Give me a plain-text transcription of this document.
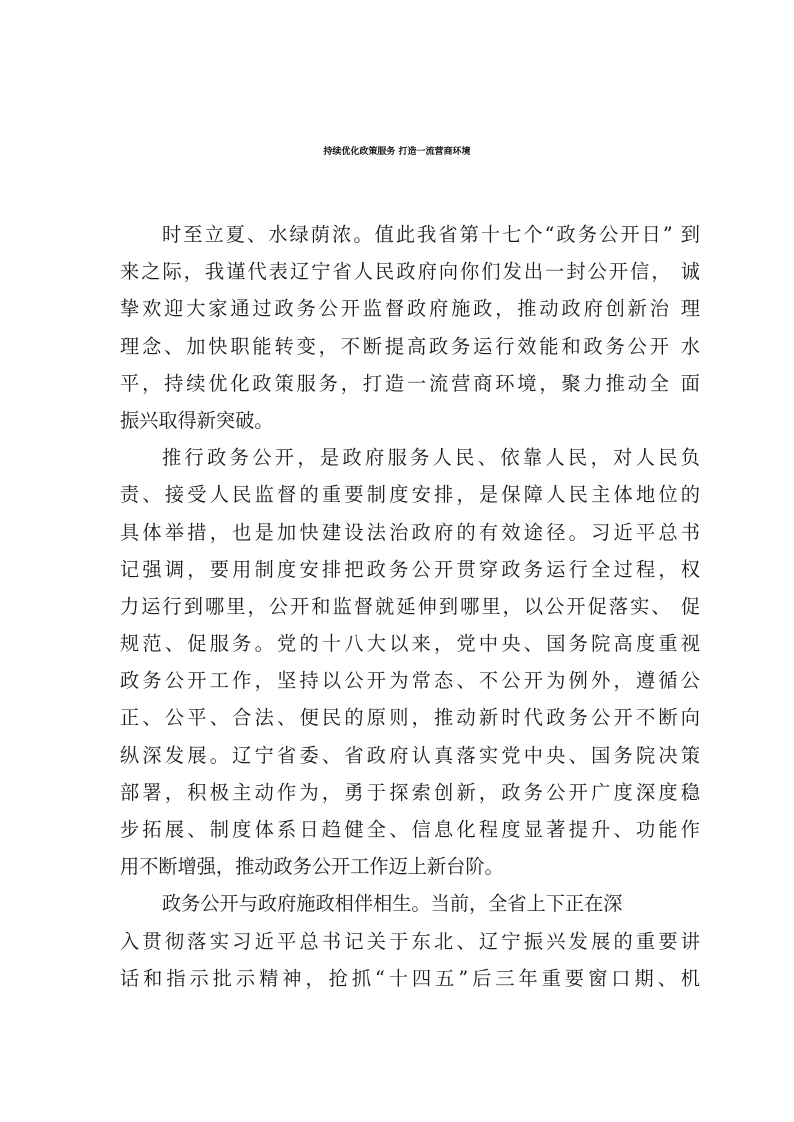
持续优化政策服务 打造一流营商环境
时至立夏、水绿荫浓。值此我省第十七个“政务公开日” 到
来之际，我谨代表辽宁省人民政府向你们发出一封公开信， 诚
挚欢迎大家通过政务公开监督政府施政，推动政府创新治 理
理念、加快职能转变，不断提高政务运行效能和政务公开 水
平，持续优化政策服务，打造一流营商环境，聚力推动全 面
振兴取得新突破。
推行政务公开，是政府服务人民、依靠人民，对人民负
责、接受人民监督的重要制度安排，是保障人民主体地位的
具体举措，也是加快建设法治政府的有效途径。习近平总书
记强调，要用制度安排把政务公开贯穿政务运行全过程，权
力运行到哪里，公开和监督就延伸到哪里，以公开促落实、 促
规范、促服务。党的十八大以来，党中央、国务院高度重视
政务公开工作，坚持以公开为常态、不公开为例外，遵循公
正、公平、合法、便民的原则，推动新时代政务公开不断向
纵深发展。辽宁省委、省政府认真落实党中央、国务院决策
部署，积极主动作为，勇于探索创新，政务公开广度深度稳
步拓展、制度体系日趋健全、信息化程度显著提升、功能作
用不断增强，推动政务公开工作迈上新台阶。
政务公开与政府施政相伴相生。当前，全省上下正在深
入贯彻落实习近平总书记关于东北、辽宁振兴发展的重要讲
话和指示批示精神，抢抓“十四五”后三年重要窗口期、机
